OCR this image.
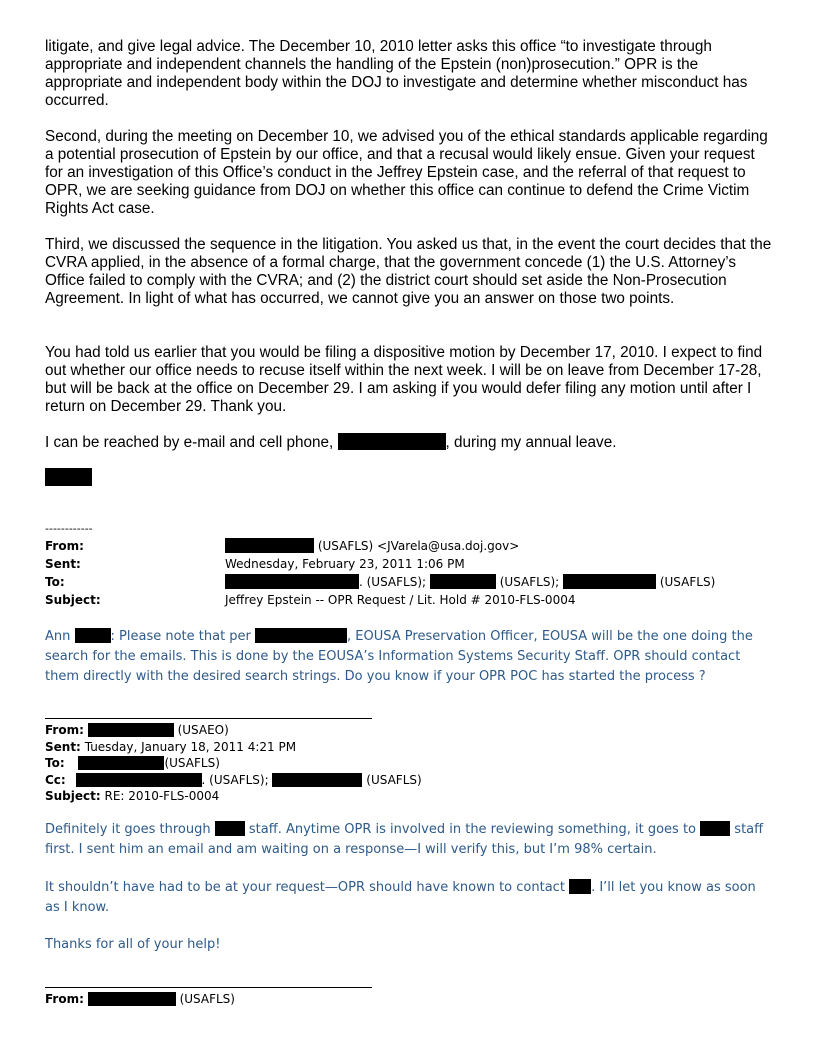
litigate, and give legal advice. The December 10, 2010 letter asks this office “to investigate through appropriate and independent channels the handling of the Epstein (non)prosecution.” OPR is the appropriate and independent body within the DOJ to investigate and determine whether misconduct has occurred.

Second, during the meeting on December 10, we advised you of the ethical standards applicable regarding a potential prosecution of Epstein by our office, and that a recusal would likely ensue. Given your request for an investigation of this Office’s conduct in the Jeffrey Epstein case, and the referral of that request to OPR, we are seeking guidance from DOJ on whether this office can continue to defend the Crime Victim Rights Act case.

Third, we discussed the sequence in the litigation. You asked us that, in the event the court decides that the CVRA applied, in the absence of a formal charge, that the government concede (1) the U.S. Attorney’s Office failed to comply with the CVRA; and (2) the district court should set aside the Non-Prosecution Agreement. In light of what has occurred, we cannot give you an answer on those two points.

You had told us earlier that you would be filing a dispositive motion by December 17, 2010. I expect to find out whether our office needs to recuse itself within the next week. I will be on leave from December 17-28, but will be back at the office on December 29. I am asking if you would defer filing any motion until after I return on December 29. Thank you.

I can be reached by e-mail and cell phone,	, during my annual leave.

------------
From:	(USAFLS) <JVarela@usa.doj.gov>
Sent:	Wednesday, February 23, 2011 1:06 PM
To:	. (USAFLS);	(USAFLS);	(USAFLS)
Subject:	Jeffrey Epstein -- OPR Request / Lit. Hold # 2010-FLS-0004

Ann	: Please note that per	, EOUSA Preservation Officer, EOUSA will be the one doing the search for the emails. This is done by the EOUSA’s Information Systems Security Staff. OPR should contact them directly with the desired search strings. Do you know if your OPR POC has started the process ?

From:	(USAEO)
Sent: Tuesday, January 18, 2011 4:21 PM
To:	(USAFLS)
Cc:	. (USAFLS);	(USAFLS)
Subject: RE: 2010-FLS-0004

Definitely it goes through	staff. Anytime OPR is involved in the reviewing something, it goes to	staff first. I sent him an email and am waiting on a response—I will verify this, but I’m 98% certain.

It shouldn’t have had to be at your request—OPR should have known to contact . I’ll let you know as soon as I know.

Thanks for all of your help!

From:	(USAFLS)
